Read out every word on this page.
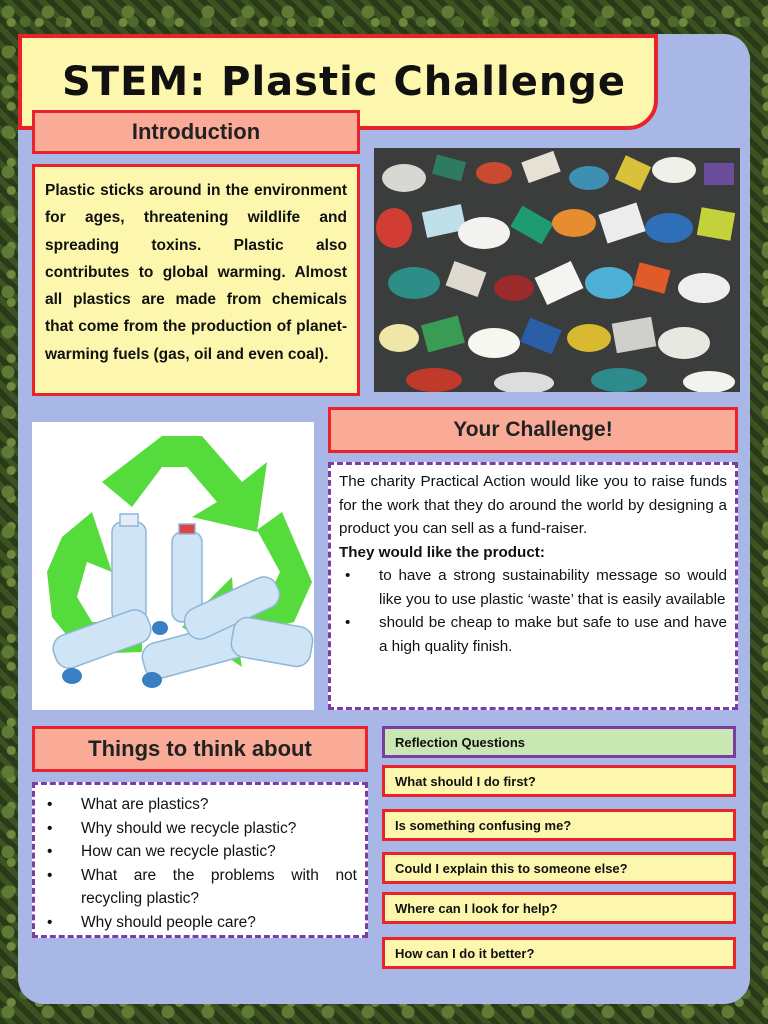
STEM: Plastic Challenge
Introduction

Plastic sticks around in the environment for ages, threatening wildlife and spreading toxins. Plastic also contributes to global warming. Almost all plastics are made from chemicals that come from the production of planet-warming fuels (gas, oil and even coal).

Your Challenge!

The charity Practical Action would like you to raise funds for the work that they do around the world by designing a product you can sell as a fund-raiser.

They would like the product:

• to have a strong sustainability message so would like you to use plastic ‘waste’ that is easily available
• should be cheap to make but safe to use and have a high quality finish.
Things to think about
• What are plastics?
• Why should we recycle plastic?
• How can we recycle plastic?
• What are the problems with not recycling plastic?
• Why should people care?
Reflection Questions
What should I do first?
Is something confusing me?
Could I explain this to someone else?
Where can I look for help?
How can I do it better?
